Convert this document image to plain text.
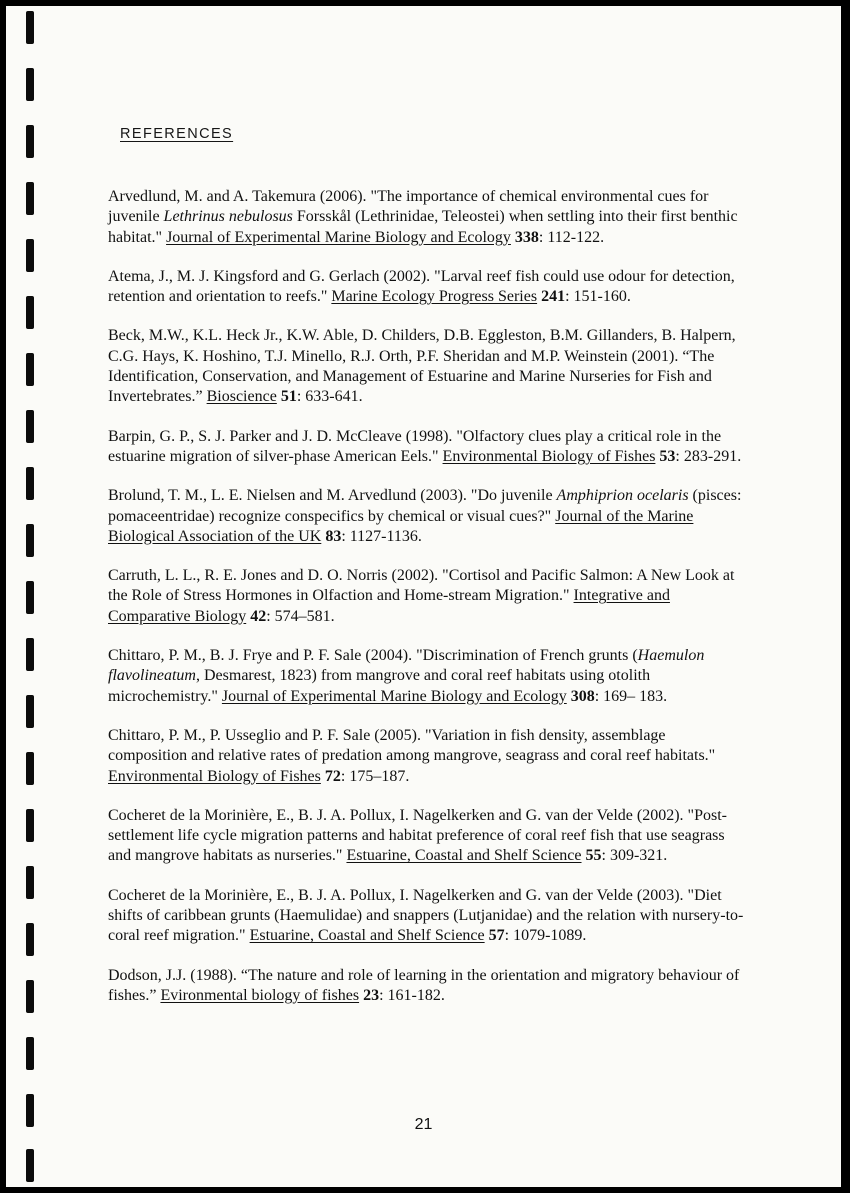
REFERENCES

Arvedlund, M. and A. Takemura (2006). "The importance of chemical environmental cues for juvenile Lethrinus nebulosus Forsskål (Lethrinidae, Teleostei) when settling into their first benthic habitat." Journal of Experimental Marine Biology and Ecology 338: 112-122.

Atema, J., M. J. Kingsford and G. Gerlach (2002). "Larval reef fish could use odour for detection, retention and orientation to reefs." Marine Ecology Progress Series 241: 151-160.

Beck, M.W., K.L. Heck Jr., K.W. Able, D. Childers, D.B. Eggleston, B.M. Gillanders, B. Halpern, C.G. Hays, K. Hoshino, T.J. Minello, R.J. Orth, P.F. Sheridan and M.P. Weinstein (2001). “The Identification, Conservation, and Management of Estuarine and Marine Nurseries for Fish and Invertebrates.” Bioscience 51: 633-641.

Barpin, G. P., S. J. Parker and J. D. McCleave (1998). "Olfactory clues play a critical role in the estuarine migration of silver-phase American Eels." Environmental Biology of Fishes 53: 283-291.

Brolund, T. M., L. E. Nielsen and M. Arvedlund (2003). "Do juvenile Amphiprion ocelaris (pisces: pomaceentridae) recognize conspecifics by chemical or visual cues?" Journal of the Marine Biological Association of the UK 83: 1127-1136.

Carruth, L. L., R. E. Jones and D. O. Norris (2002). "Cortisol and Pacific Salmon: A New Look at the Role of Stress Hormones in Olfaction and Home-stream Migration." Integrative and Comparative Biology 42: 574–581.

Chittaro, P. M., B. J. Frye and P. F. Sale (2004). "Discrimination of French grunts (Haemulon flavolineatum, Desmarest, 1823) from mangrove and coral reef habitats using otolith microchemistry." Journal of Experimental Marine Biology and Ecology 308: 169– 183.

Chittaro, P. M., P. Usseglio and P. F. Sale (2005). "Variation in fish density, assemblage composition and relative rates of predation among mangrove, seagrass and coral reef habitats." Environmental Biology of Fishes 72: 175–187.

Cocheret de la Morinière, E., B. J. A. Pollux, I. Nagelkerken and G. van der Velde (2002). "Post-settlement life cycle migration patterns and habitat preference of coral reef fish that use seagrass and mangrove habitats as nurseries." Estuarine, Coastal and Shelf Science 55: 309-321.

Cocheret de la Morinière, E., B. J. A. Pollux, I. Nagelkerken and G. van der Velde (2003). "Diet shifts of caribbean grunts (Haemulidae) and snappers (Lutjanidae) and the relation with nursery-to-coral reef migration." Estuarine, Coastal and Shelf Science 57: 1079-1089.

Dodson, J.J. (1988). “The nature and role of learning in the orientation and migratory behaviour of fishes.” Evironmental biology of fishes 23: 161-182.

21
